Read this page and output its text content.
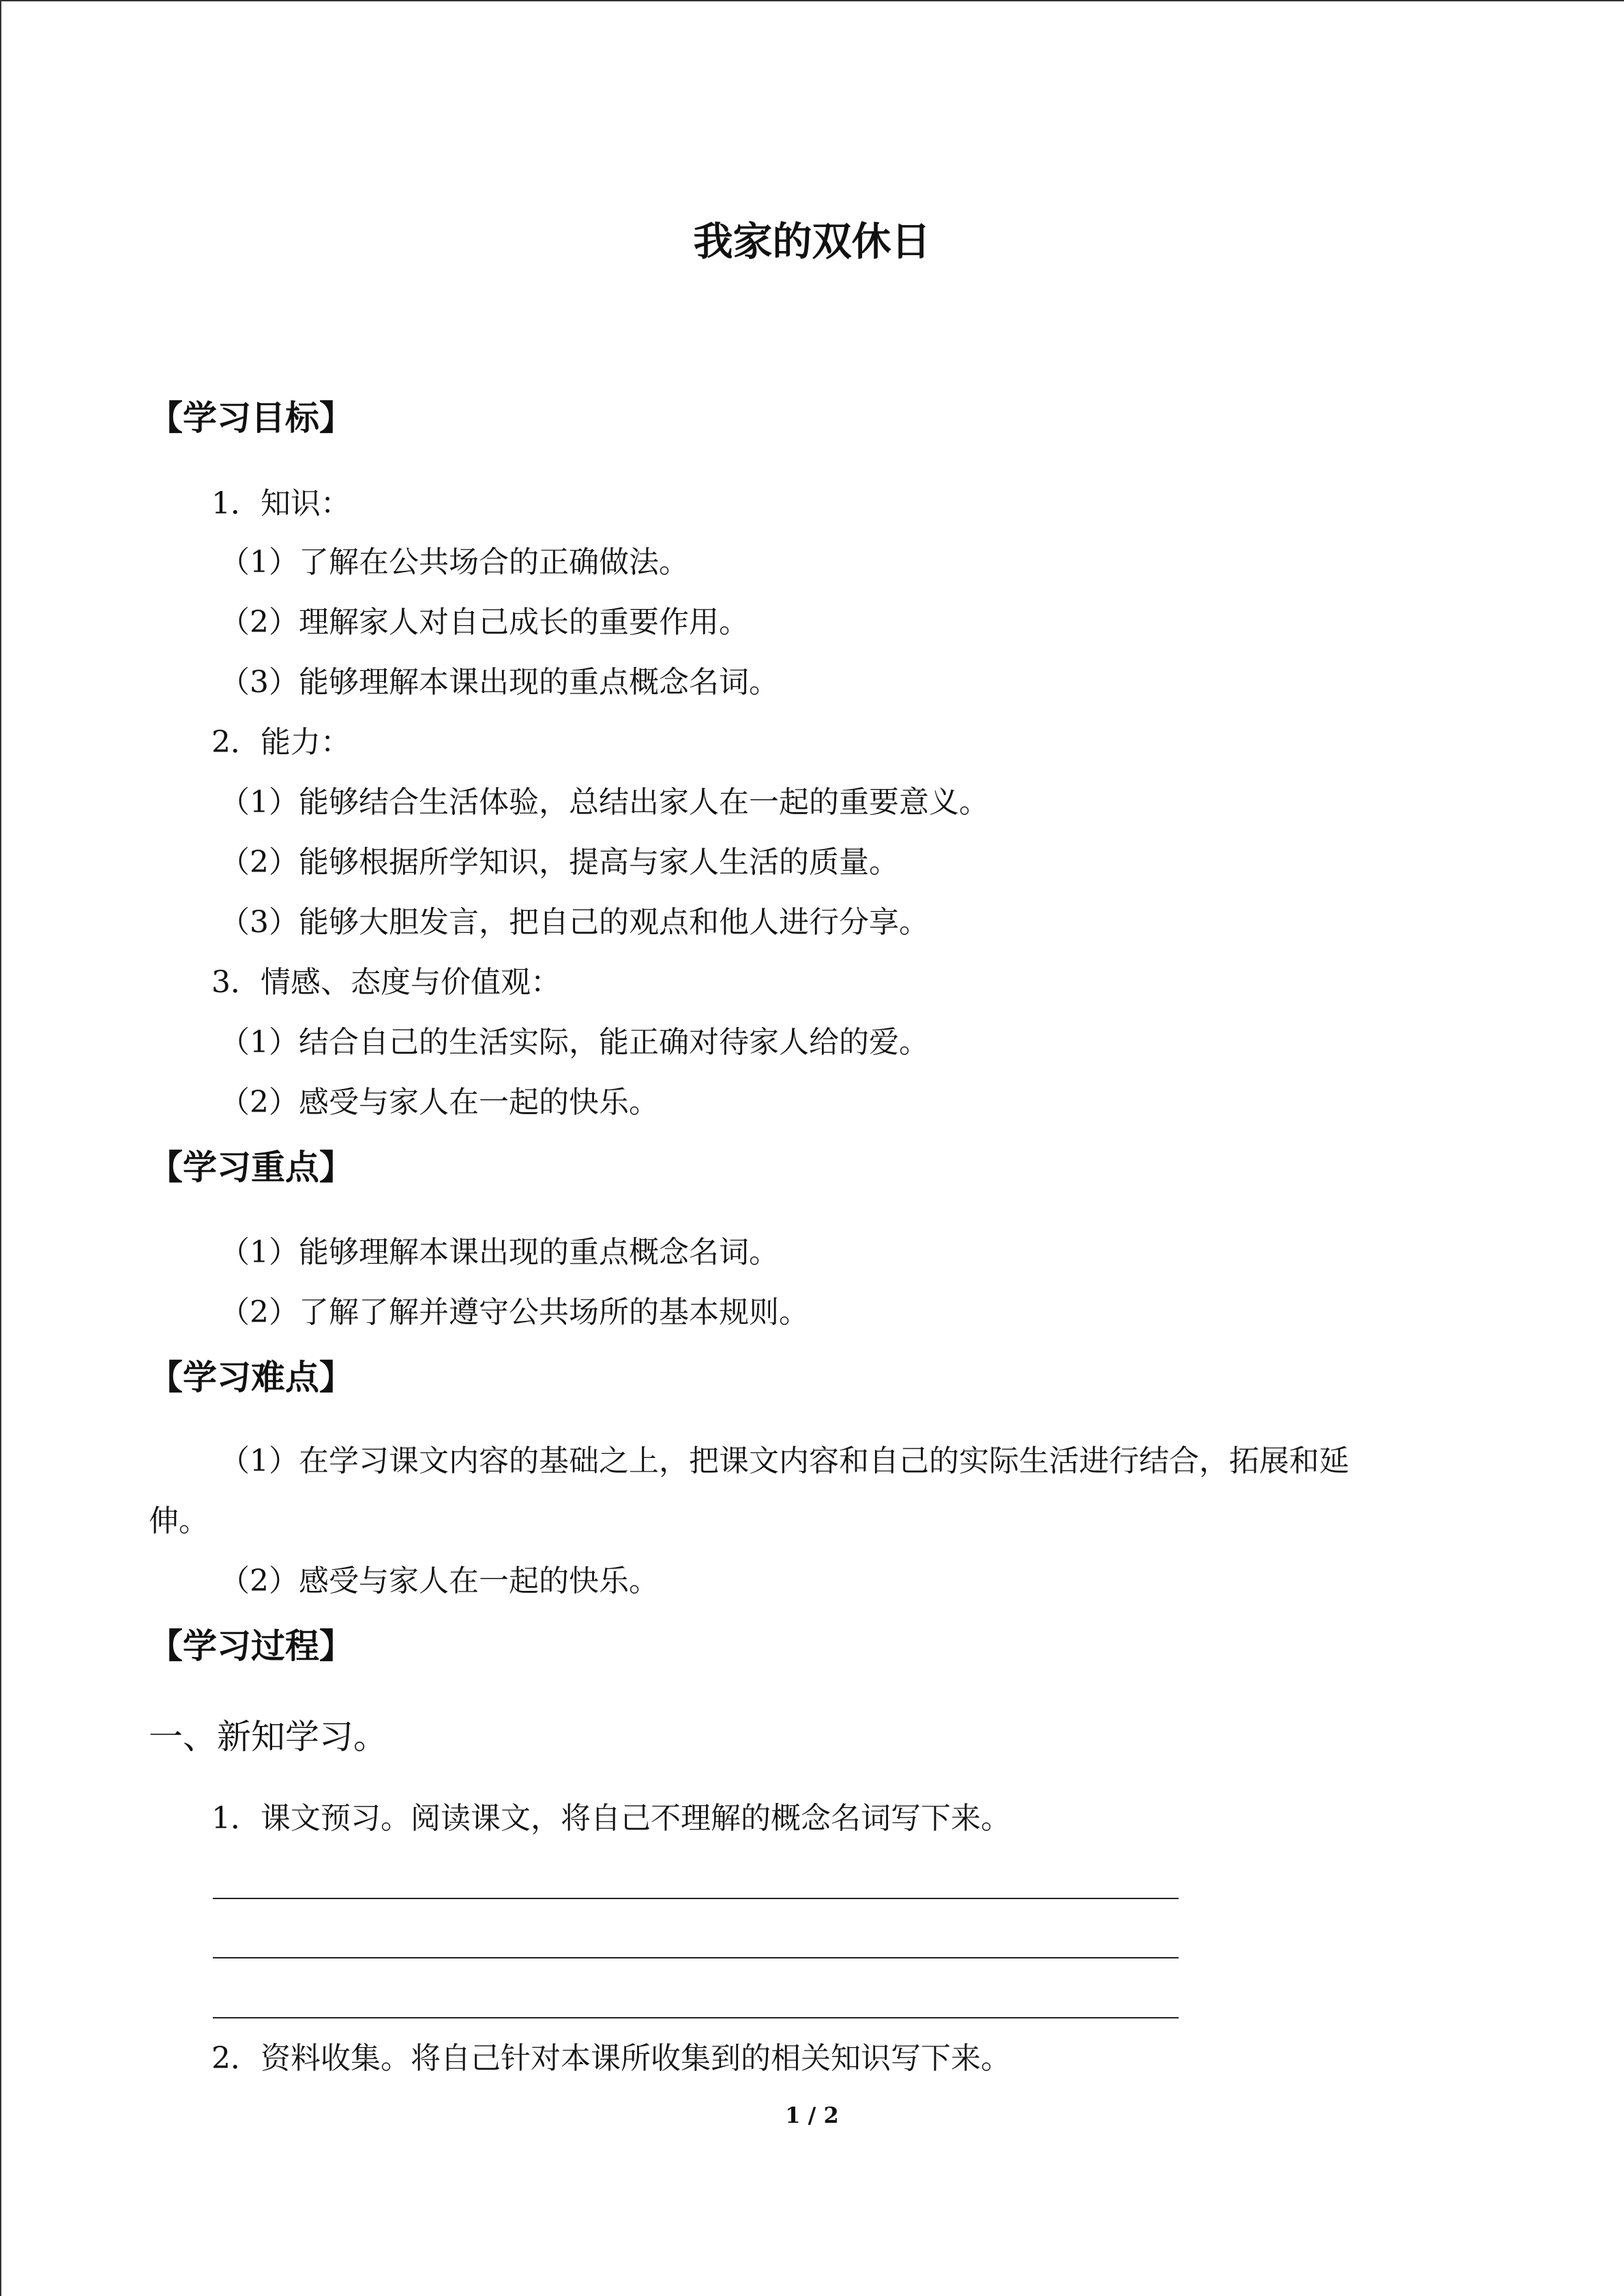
我家的双休日
【学习目标】
1．知识：
（1）了解在公共场合的正确做法。
（2）理解家人对自己成长的重要作用。
（3）能够理解本课出现的重点概念名词。
2．能力：
（1）能够结合生活体验，总结出家人在一起的重要意义。
（2）能够根据所学知识，提高与家人生活的质量。
（3）能够大胆发言，把自己的观点和他人进行分享。
3．情感、态度与价值观：
（1）结合自己的生活实际，能正确对待家人给的爱。
（2）感受与家人在一起的快乐。
【学习重点】
（1）能够理解本课出现的重点概念名词。
（2）了解了解并遵守公共场所的基本规则。
【学习难点】
（1）在学习课文内容的基础之上，把课文内容和自己的实际生活进行结合，拓展和延
伸。
（2）感受与家人在一起的快乐。
【学习过程】
一、新知学习。
1．课文预习。阅读课文，将自己不理解的概念名词写下来。
2．资料收集。将自己针对本课所收集到的相关知识写下来。
1 / 2
